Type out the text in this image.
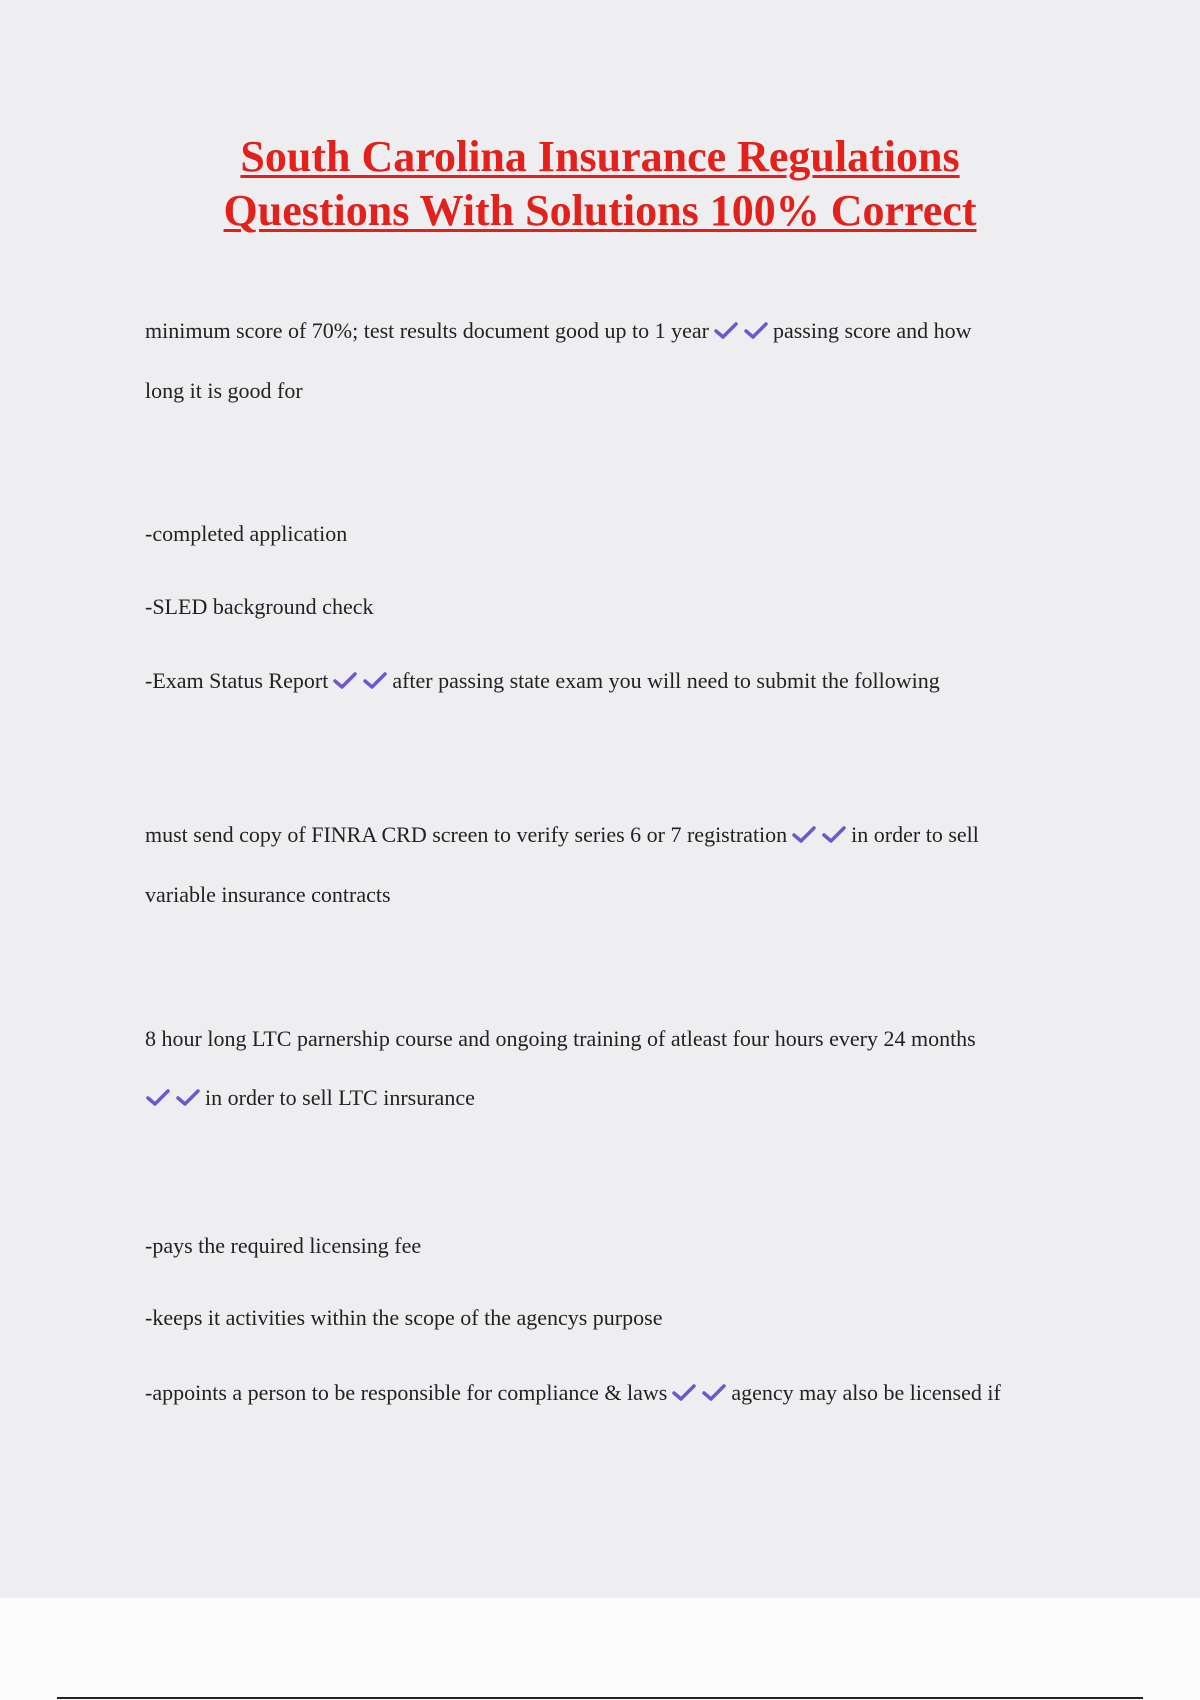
South Carolina Insurance Regulations
Questions With Solutions 100% Correct
minimum score of 70%; test results document good up to 1 year	passing score and how
long it is good for
-completed application
-SLED background check
-Exam Status Report	after passing state exam you will need to submit the following
must send copy of FINRA CRD screen to verify series 6 or 7 registration	in order to sell
variable insurance contracts
8 hour long LTC parnership course and ongoing training of atleast four hours every 24 months
in order to sell LTC inrsurance
-pays the required licensing fee
-keeps it activities within the scope of the agencys purpose
-appoints a person to be responsible for compliance & laws	agency may also be licensed if
